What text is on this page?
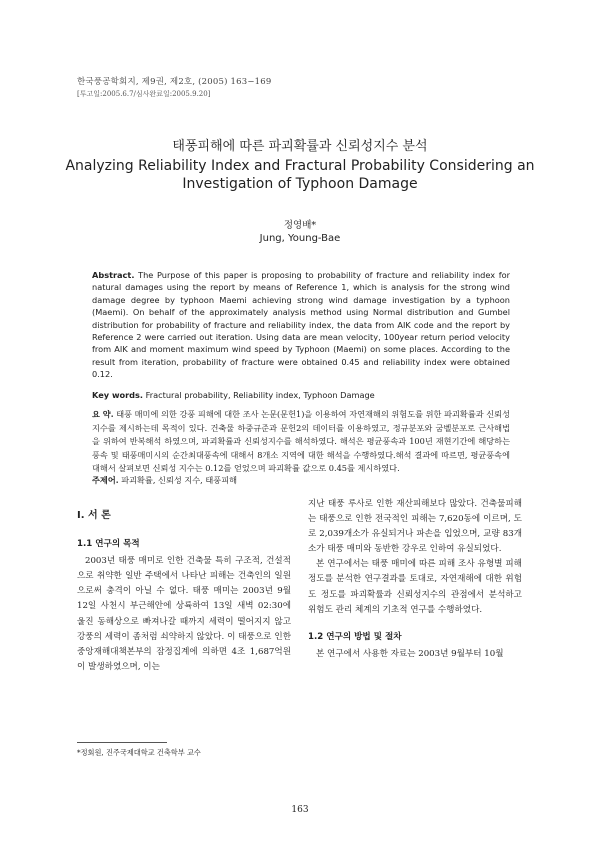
한국풍공학회지, 제9권, 제2호, (2005) 163−169
[투고일:2005.6.7/심사완료일:2005.9.20]
태풍피해에 따른 파괴확률과 신뢰성지수 분석
Analyzing Reliability Index and Fractural Probability Considering an Investigation of Typhoon Damage
정영배*
Jung, Young-Bae
Abstract. The Purpose of this paper is proposing to probability of fracture and reliability index for natural damages using the report by means of Reference 1, which is analysis for the strong wind damage degree by typhoon Maemi achieving strong wind damage investigation by a typhoon (Maemi). On behalf of the approximately analysis method using Normal distribution and Gumbel distribution for probability of fracture and reliability index, the data from AIK code and the report by Reference 2 were carried out iteration. Using data are mean velocity, 100year return period velocity from AIK and moment maximum wind speed by Typhoon (Maemi) on some places. According to the result from iteration, probability of fracture were obtained 0.45 and reliability index were obtained 0.12.
Key words. Fractural probability, Reliability index, Typhoon Damage
요 약. 태풍 매미에 의한 강풍 피해에 대한 조사 논문(문헌1)을 이용하여 자연재해의 위험도를 위한 파괴확률과 신뢰성지수를 제시하는데 목적이 있다. 건축물 하중규준과 문헌2의 데이터를 이용하였고, 정규분포와 굼벨분포로 근사해법을 위하여 반복해석 하였으며, 파괴확률과 신뢰성지수를 해석하였다. 해석은 평균풍속과 100년 재현기간에 해당하는 풍속 및 태풍매미시의 순간최대풍속에 대해서 8개소 지역에 대한 해석을 수행하였다.해석 결과에 따르면, 평균풍속에 대해서 살펴보면 신뢰성 지수는 0.12를 얻었으며 파괴확률 값으로 0.45를 제시하였다.
주제어. 파괴확률, 신뢰성 지수, 태풍피해
I. 서 론
1.1 연구의 목적

2003년 태풍 매미로 인한 건축물 특히 구조적, 건설적으로 취약한 일반 주택에서 나타난 피해는 건축인의 일원으로써 충격이 아닐 수 없다. 태풍 매미는 2003년 9월 12일 사천시 부근해안에 상륙하여 13일 새벽 02:30에 울진 동해상으로 빠져나갈 때까지 세력이 떨어지지 않고 강풍의 세력이 좀처럼 쇠약하지 않았다. 이 태풍으로 인한 중앙재해대책본부의 잠정집계에 의하면 4조 1,687억원이 발생하였으며, 이는

지난 태풍 루사로 인한 재산피해보다 많았다. 건축물피해는 태풍으로 인한 전국적인 피해는 7,620동에 이르며, 도로 2,039개소가 유실되거나 파손을 입었으며, 교량 83개소가 태풍 매미와 동반한 강우로 인하여 유실되었다.

본 연구에서는 태풍 매미에 따른 피해 조사 유형별 피해정도를 분석한 연구결과를 토대로, 자연재해에 대한 위험도 정도를 파괴확률과 신뢰성지수의 관점에서 분석하고 위험도 관리 체계의 기초적 연구를 수행하였다.

1.2 연구의 방법 및 절차

본 연구에서 사용한 자료는 2003년 9월부터 10월

*정회원, 진주국제대학교 건축학부 교수
163
